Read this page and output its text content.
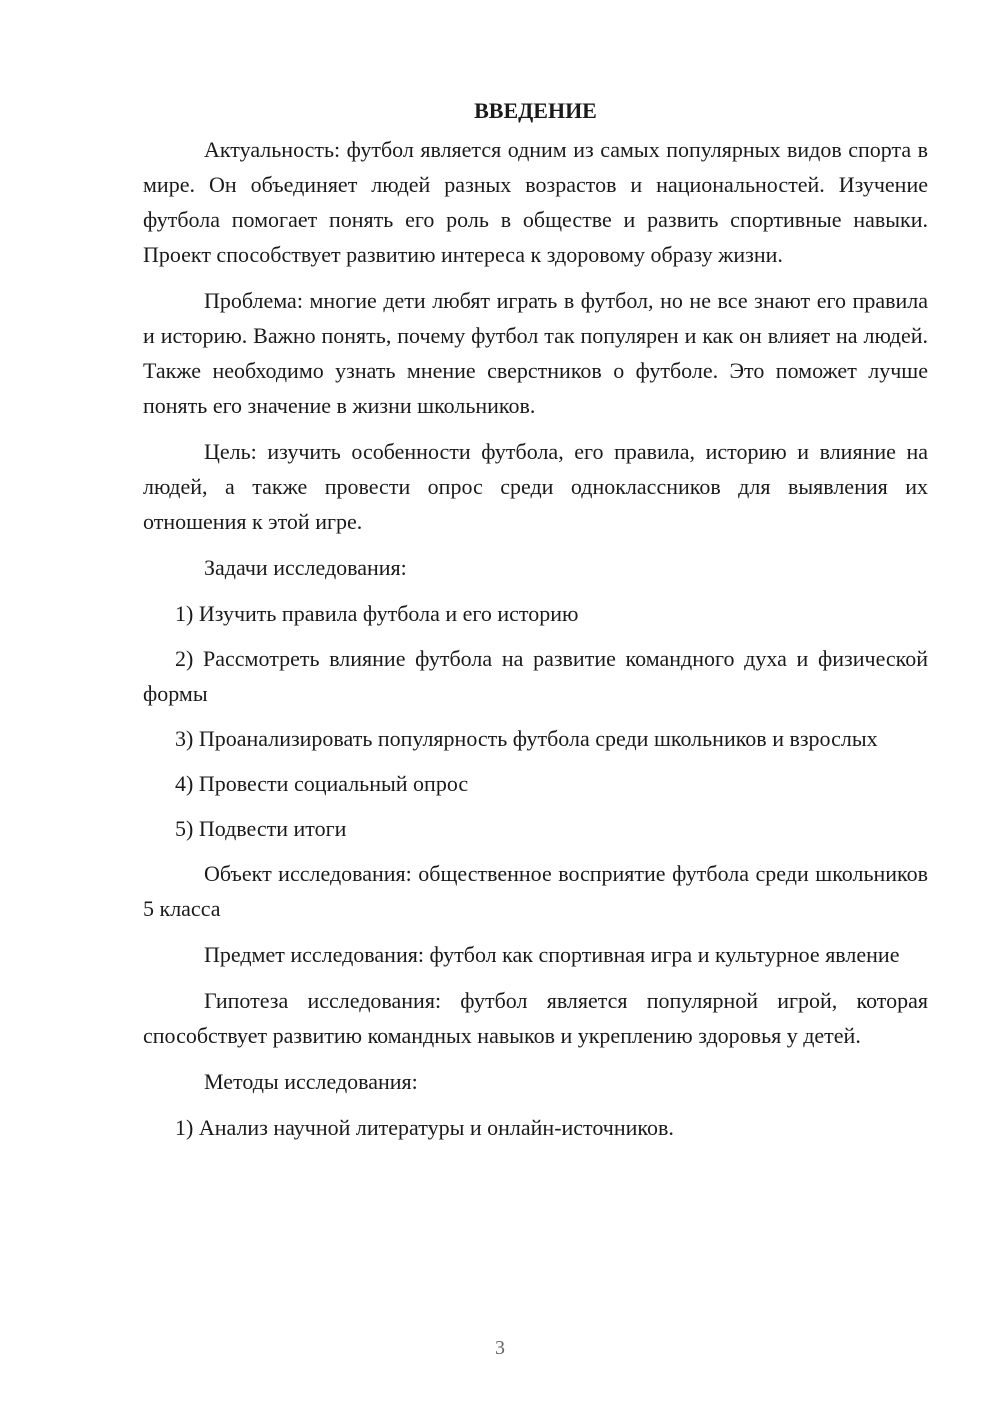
ВВЕДЕНИЕ

Актуальность: футбол является одним из самых популярных видов спорта в мире. Он объединяет людей разных возрастов и национальностей. Изучение футбола помогает понять его роль в обществе и развить спортивные навыки. Проект способствует развитию интереса к здоровому образу жизни.

Проблема: многие дети любят играть в футбол, но не все знают его правила и историю. Важно понять, почему футбол так популярен и как он влияет на людей. Также необходимо узнать мнение сверстников о футболе. Это поможет лучше понять его значение в жизни школьников.

Цель: изучить особенности футбола, его правила, историю и влияние на людей, а также провести опрос среди одноклассников для выявления их отношения к этой игре.

Задачи исследования:

1) Изучить правила футбола и его историю

2) Рассмотреть влияние футбола на развитие командного духа и физической формы

3) Проанализировать популярность футбола среди школьников и взрослых

4) Провести социальный опрос

5) Подвести итоги

Объект исследования: общественное восприятие футбола среди школьников 5 класса

Предмет исследования: футбол как спортивная игра и культурное явление

Гипотеза исследования: футбол является популярной игрой, которая способствует развитию командных навыков и укреплению здоровья у детей.

Методы исследования:

1) Анализ научной литературы и онлайн-источников.

3
